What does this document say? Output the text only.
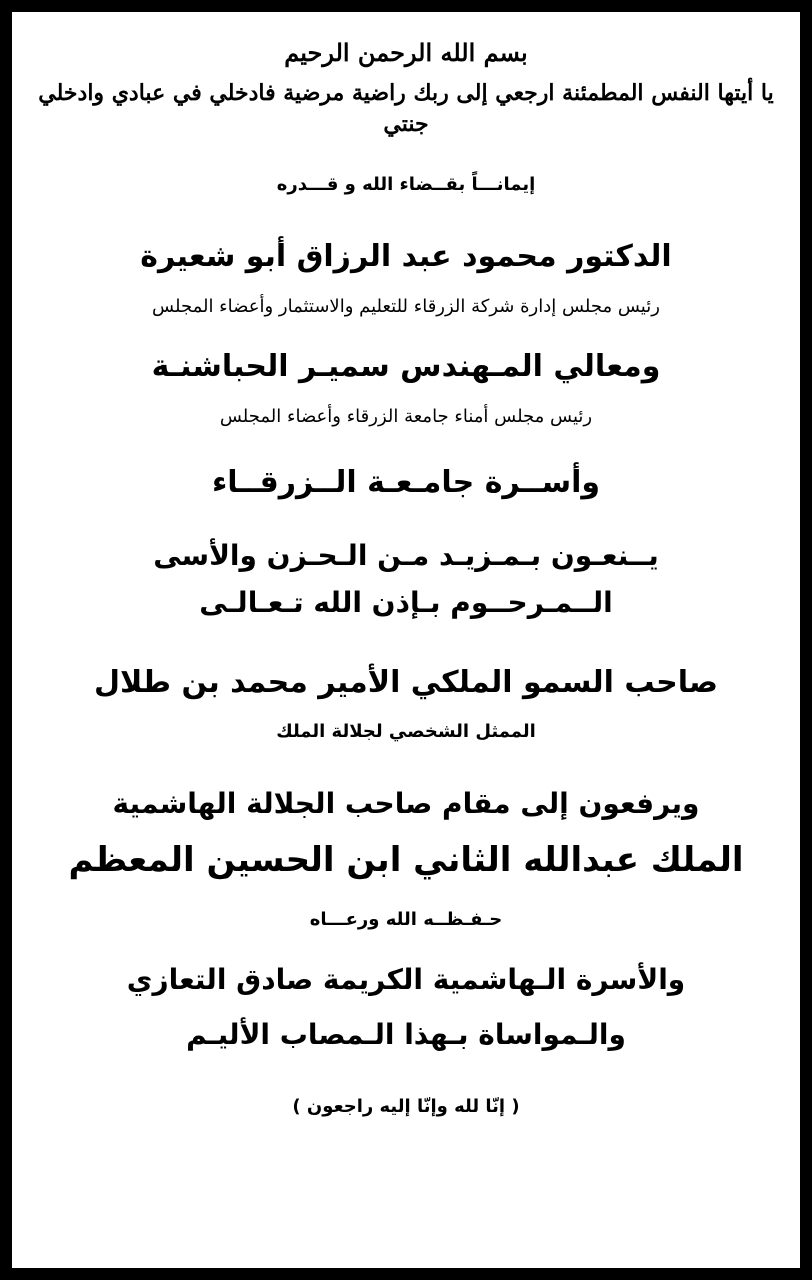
بسم الله الرحمن الرحيم
يا أيتها النفس المطمئنة ارجعي إلى ربك راضية مرضية فادخلي في عبادي وادخلي جنتي
إيمانـــاً بقــضاء الله و قـــدره
الدكتور محمود عبد الرزاق أبو شعيرة
رئيس مجلس إدارة شركة الزرقاء للتعليم والاستثمار وأعضاء المجلس
ومعالي المـهندس سميـر الحباشنـة
رئيس مجلس أمناء جامعة الزرقاء وأعضاء المجلس
وأســرة جامـعـة الــزرقــاء
يــنعـون بـمـزيـد مـن الـحـزن والأسى
الــمـرحــوم بـإذن الله تـعـالـى
صاحب السمو الملكي الأمير محمد بن طلال
الممثل الشخصي لجلالة الملك
ويرفعون إلى مقام صاحب الجلالة الهاشمية
الملك عبدالله الثاني ابن الحسين المعظم
حـفـظــه الله ورعـــاه
والأسرة الـهاشمية الكريمة صادق التعازي
والـمواساة بـهذا الـمصاب الأليـم
( إنّا لله وإنّا إليه راجعون )
